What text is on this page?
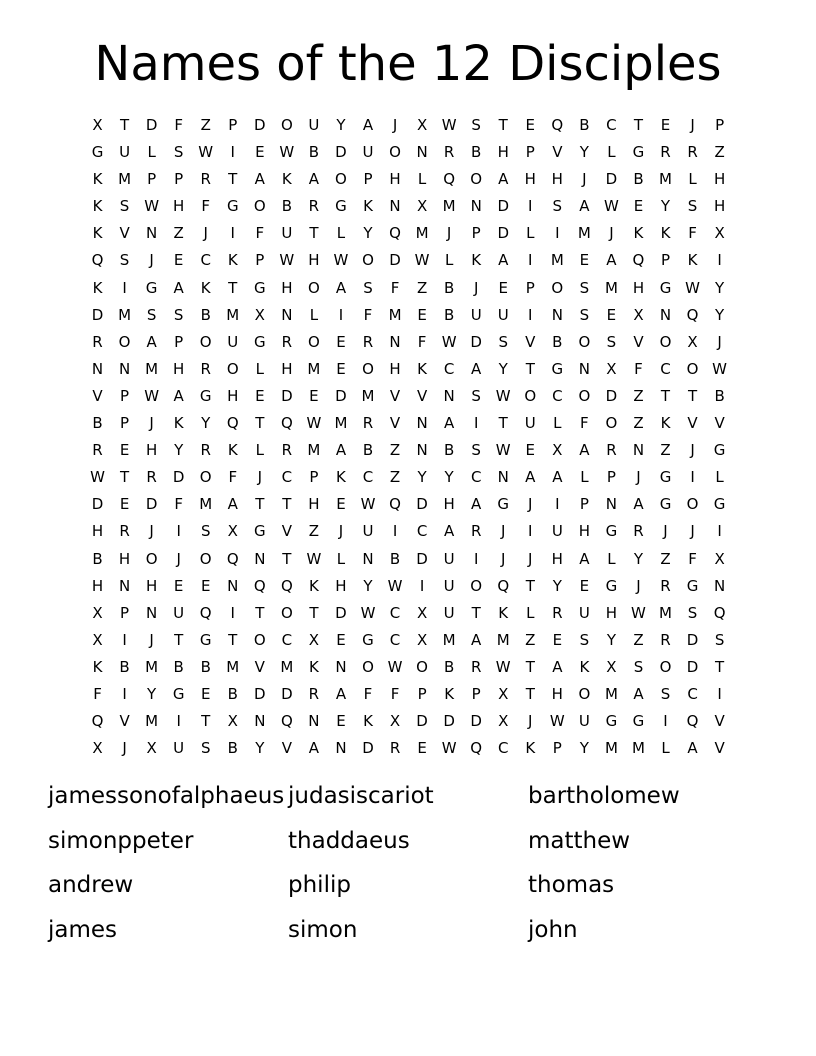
Names of the 12 Disciples
X	T	D	F	Z	P	D	O	U	Y	A	J	X W S	T	E	Q	B	C	T	E	J	P
G	U	L	S W	I	E W B	D	U	O	N	R	B	H	P	V	Y	L	G	R	R	Z
K	M	P	P	R	T	A	K	A	O	P	H	L	Q	O	A	H	H	J	D	B	M	L	H
K	S W H	F	G	O	B	R	G	K	N	X	M N	D	I	S	A W E	Y	S	H
K	V	N	Z	J	I	F	U	T	L	Y	Q M	J	P	D	L	I	M	J	K	K	F	X
Q	S	J	E	C	K	P	W H W O	D W	L	K	A	I	M	E	A	Q	P	K	I
K	I	G	A	K	T	G	H	O	A	S	F	Z	B	J	E	P	O	S	M H	G W	Y
D M	S	S	B	M	X	N	L	I	F	M	E	B	U	U	I	N	S	E	X	N	Q	Y
R	O	A	P	O	U	G	R	O	E	R	N	F	W D	S	V	B	O	S	V	O	X	J
N	N M H	R	O	L	H M	E	O	H	K	C	A	Y	T	G	N	X	F	C	O W
V	P	W A	G	H	E	D	E	D M	V	V	N	S W O	C	O	D	Z	T	T	B
B	P	J	K	Y	Q	T	Q W M	R	V	N	A	I	T	U	L	F	O	Z	K	V	V
R	E	H	Y	R	K	L	R	M	A	B	Z	N	B	S W E	X	A	R	N	Z	J	G
W	T	R	D	O	F	J	C	P	K	C	Z	Y	Y	C	N	A	A	L	P	J	G	I	L
D	E	D	F	M	A	T	T	H	E W Q	D	H	A	G	J	I	P	N	A	G	O	G
H	R	J	I	S	X	G	V	Z	J	U	I	C	A	R	J	I	U	H	G	R	J	J	I
B	H	O	J	O	Q	N	T	W	L	N	B	D	U	I	J	J	H	A	L	Y	Z	F	X
H	N	H	E	E	N	Q	Q	K	H	Y	W	I	U	O	Q	T	Y	E	G	J	R	G	N
X	P	N	U	Q	I	T	O	T	D W C	X	U	T	K	L	R	U	H W M	S	Q
X	I	J	T	G	T	O	C	X	E	G	C	X	M	A	M	Z	E	S	Y	Z	R	D	S
K	B	M	B	B	M	V	M	K	N	O W O	B	R W	T	A	K	X	S	O	D	T
F	I	Y	G	E	B	D	D	R	A	F	F	P	K	P	X	T	H	O M	A	S	C	I
Q	V	M	I	T	X	N	Q	N	E	K	X	D	D	D	X	J	W U	G	G	I	Q	V
X	J	X	U	S	B	Y	V	A	N	D	R	E W Q	C	K	P	Y	M M	L	A	V
jamessonofalphaeus judasiscariot	bartholomew
simonppeter	thaddaeus	matthew
andrew	philip	thomas
james	simon	john
